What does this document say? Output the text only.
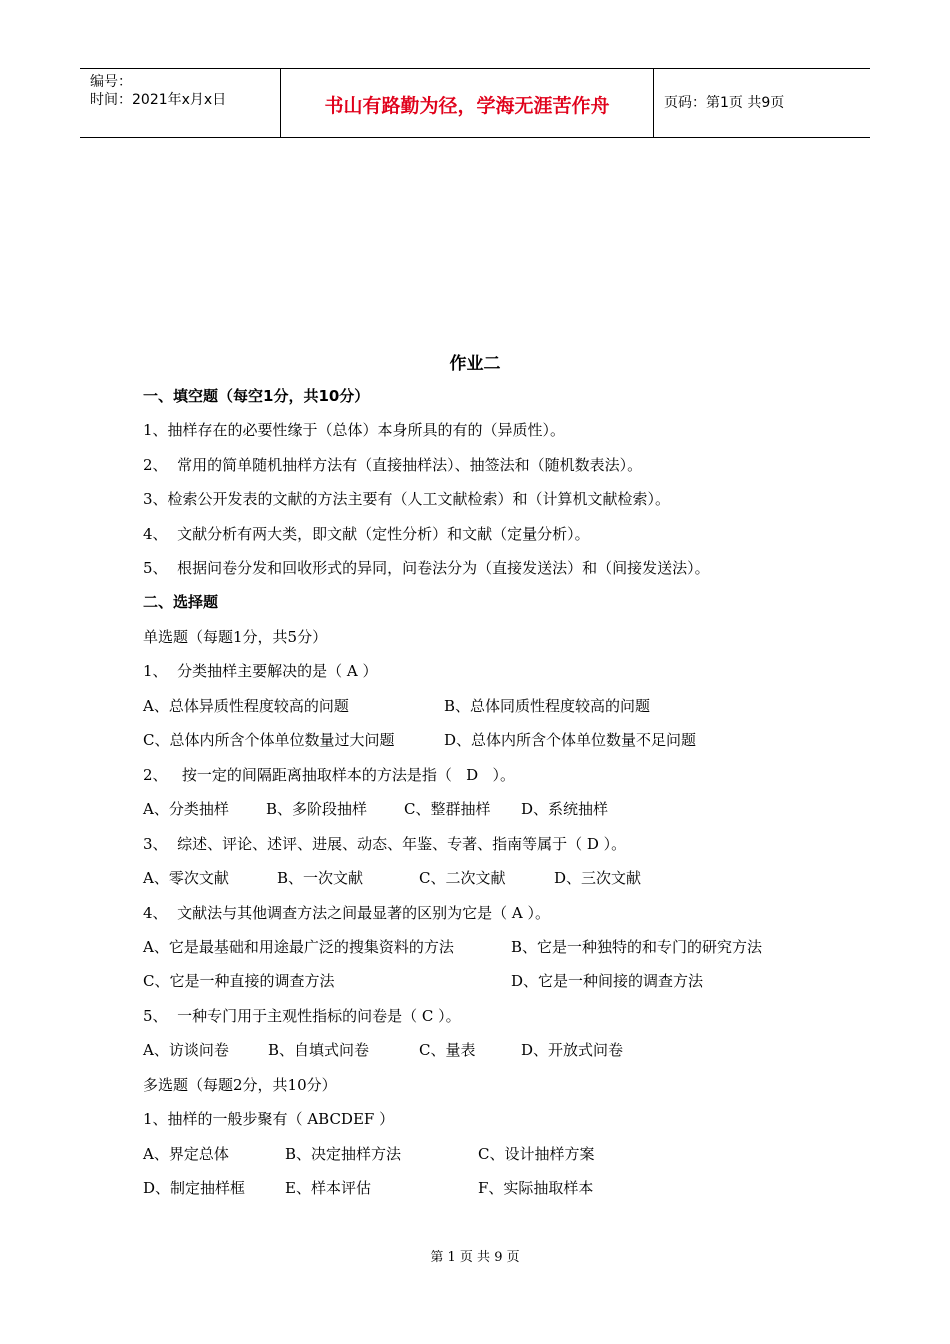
编号：
时间：2021年x月x日	书山有路勤为径，学海无涯苦作舟	页码：第1页 共9页
作业二
一、填空题（每空1分，共10分）
1、抽样存在的必要性缘于（总体）本身所具的有的（异质性）。
2、  常用的简单随机抽样方法有（直接抽样法）、抽签法和（随机数表法）。
3、检索公开发表的文献的方法主要有（人工文献检索）和（计算机文献检索）。
4、  文献分析有两大类，即文献（定性分析）和文献（定量分析）。
5、  根据问卷分发和回收形式的异同，问卷法分为（直接发送法）和（间接发送法）。
二、选择题
单选题（每题1分，共5分）
1、  分类抽样主要解决的是（ A ）
A、总体异质性程度较高的问题	B、总体同质性程度较高的问题
C、总体内所含个体单位数量过大问题	D、总体内所含个体单位数量不足问题
2、   按一定的间隔距离抽取样本的方法是指（   D   ）。
A、分类抽样 B、多阶段抽样 C、整群抽样 D、系统抽样
3、  综述、评论、述评、进展、动态、年鉴、专著、指南等属于（ D ）。
A、零次文献	B、一次文献	C、二次文献	D、三次文献
4、  文献法与其他调查方法之间最显著的区别为它是（ A ）。
A、它是最基础和用途最广泛的搜集资料的方法	B、它是一种独特的和专门的研究方法
C、它是一种直接的调查方法	D、它是一种间接的调查方法
5、  一种专门用于主观性指标的问卷是（ C ）。
A、访谈问卷	B、自填式问卷	C、量表	D、开放式问卷
多选题（每题2分，共10分）
1、抽样的一般步聚有（ ABCDEF ）
A、界定总体	B、决定抽样方法	C、设计抽样方案
D、制定抽样框	E、样本评估	F、实际抽取样本
第 1 页 共 9 页
